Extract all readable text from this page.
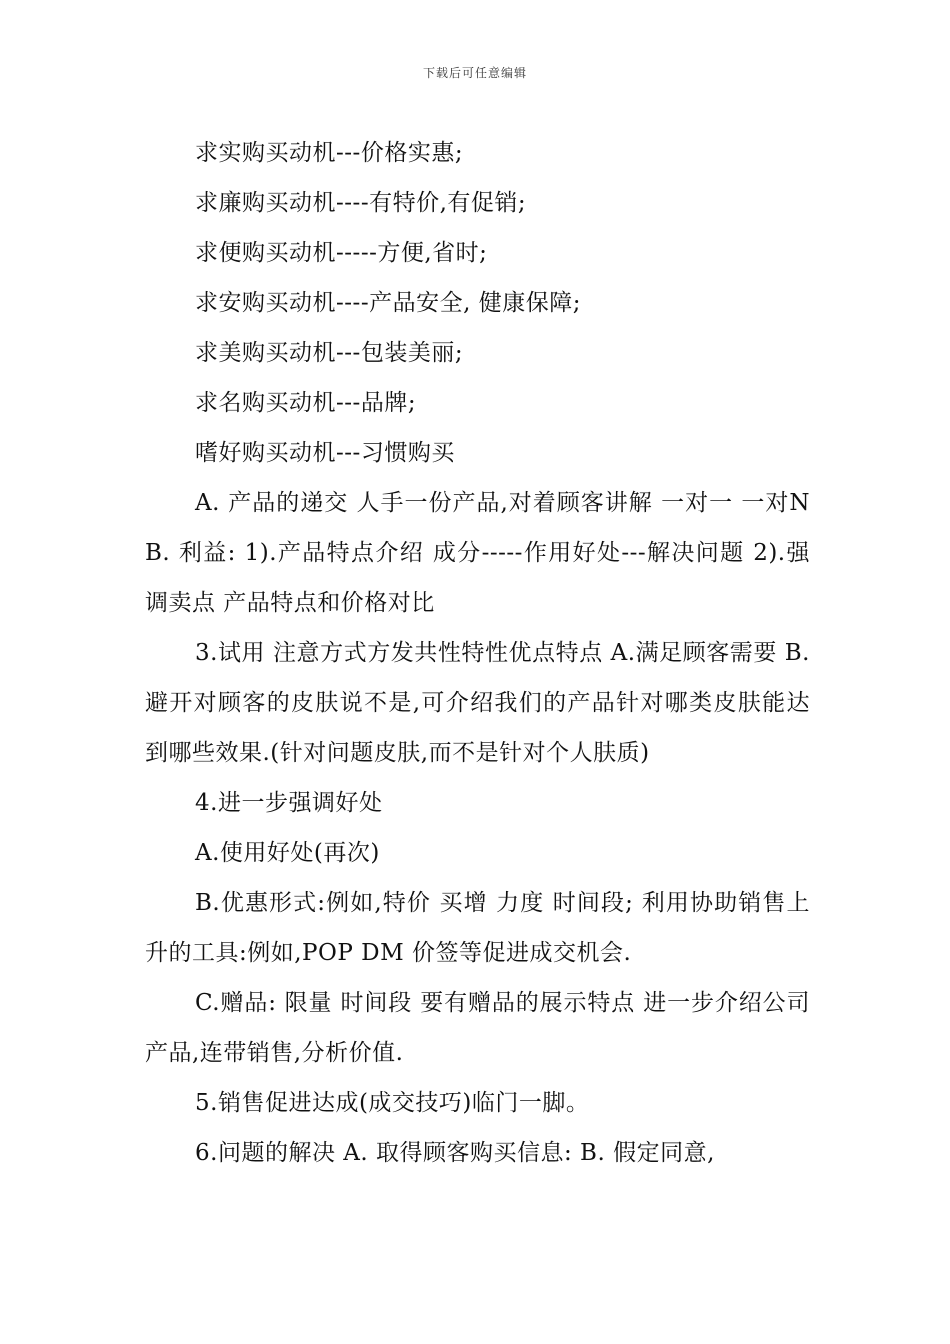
下载后可任意编辑

求实购买动机---价格实惠;

求廉购买动机----有特价,有促销;

求便购买动机-----方便,省时;

求安购买动机----产品安全, 健康保障;

求美购买动机---包装美丽;

求名购买动机---品牌;

嗜好购买动机---习惯购买

A. 产品的递交 人手一份产品,对着顾客讲解 一对一 一对N B. 利益: 1).产品特点介绍 成分-----作用好处---解决问题 2).强调卖点 产品特点和价格对比

3.试用 注意方式方发共性特性优点特点 A.满足顾客需要 B.避开对顾客的皮肤说不是,可介绍我们的产品针对哪类皮肤能达到哪些效果.(针对问题皮肤,而不是针对个人肤质)

4.进一步强调好处

A.使用好处(再次)

B.优惠形式:例如,特价 买增 力度 时间段; 利用协助销售上升的工具:例如,POP DM 价签等促进成交机会.

C.赠品: 限量 时间段 要有赠品的展示特点 进一步介绍公司产品,连带销售,分析价值.

5.销售促进达成(成交技巧)临门一脚。

6.问题的解决 A. 取得顾客购买信息: B. 假定同意,
